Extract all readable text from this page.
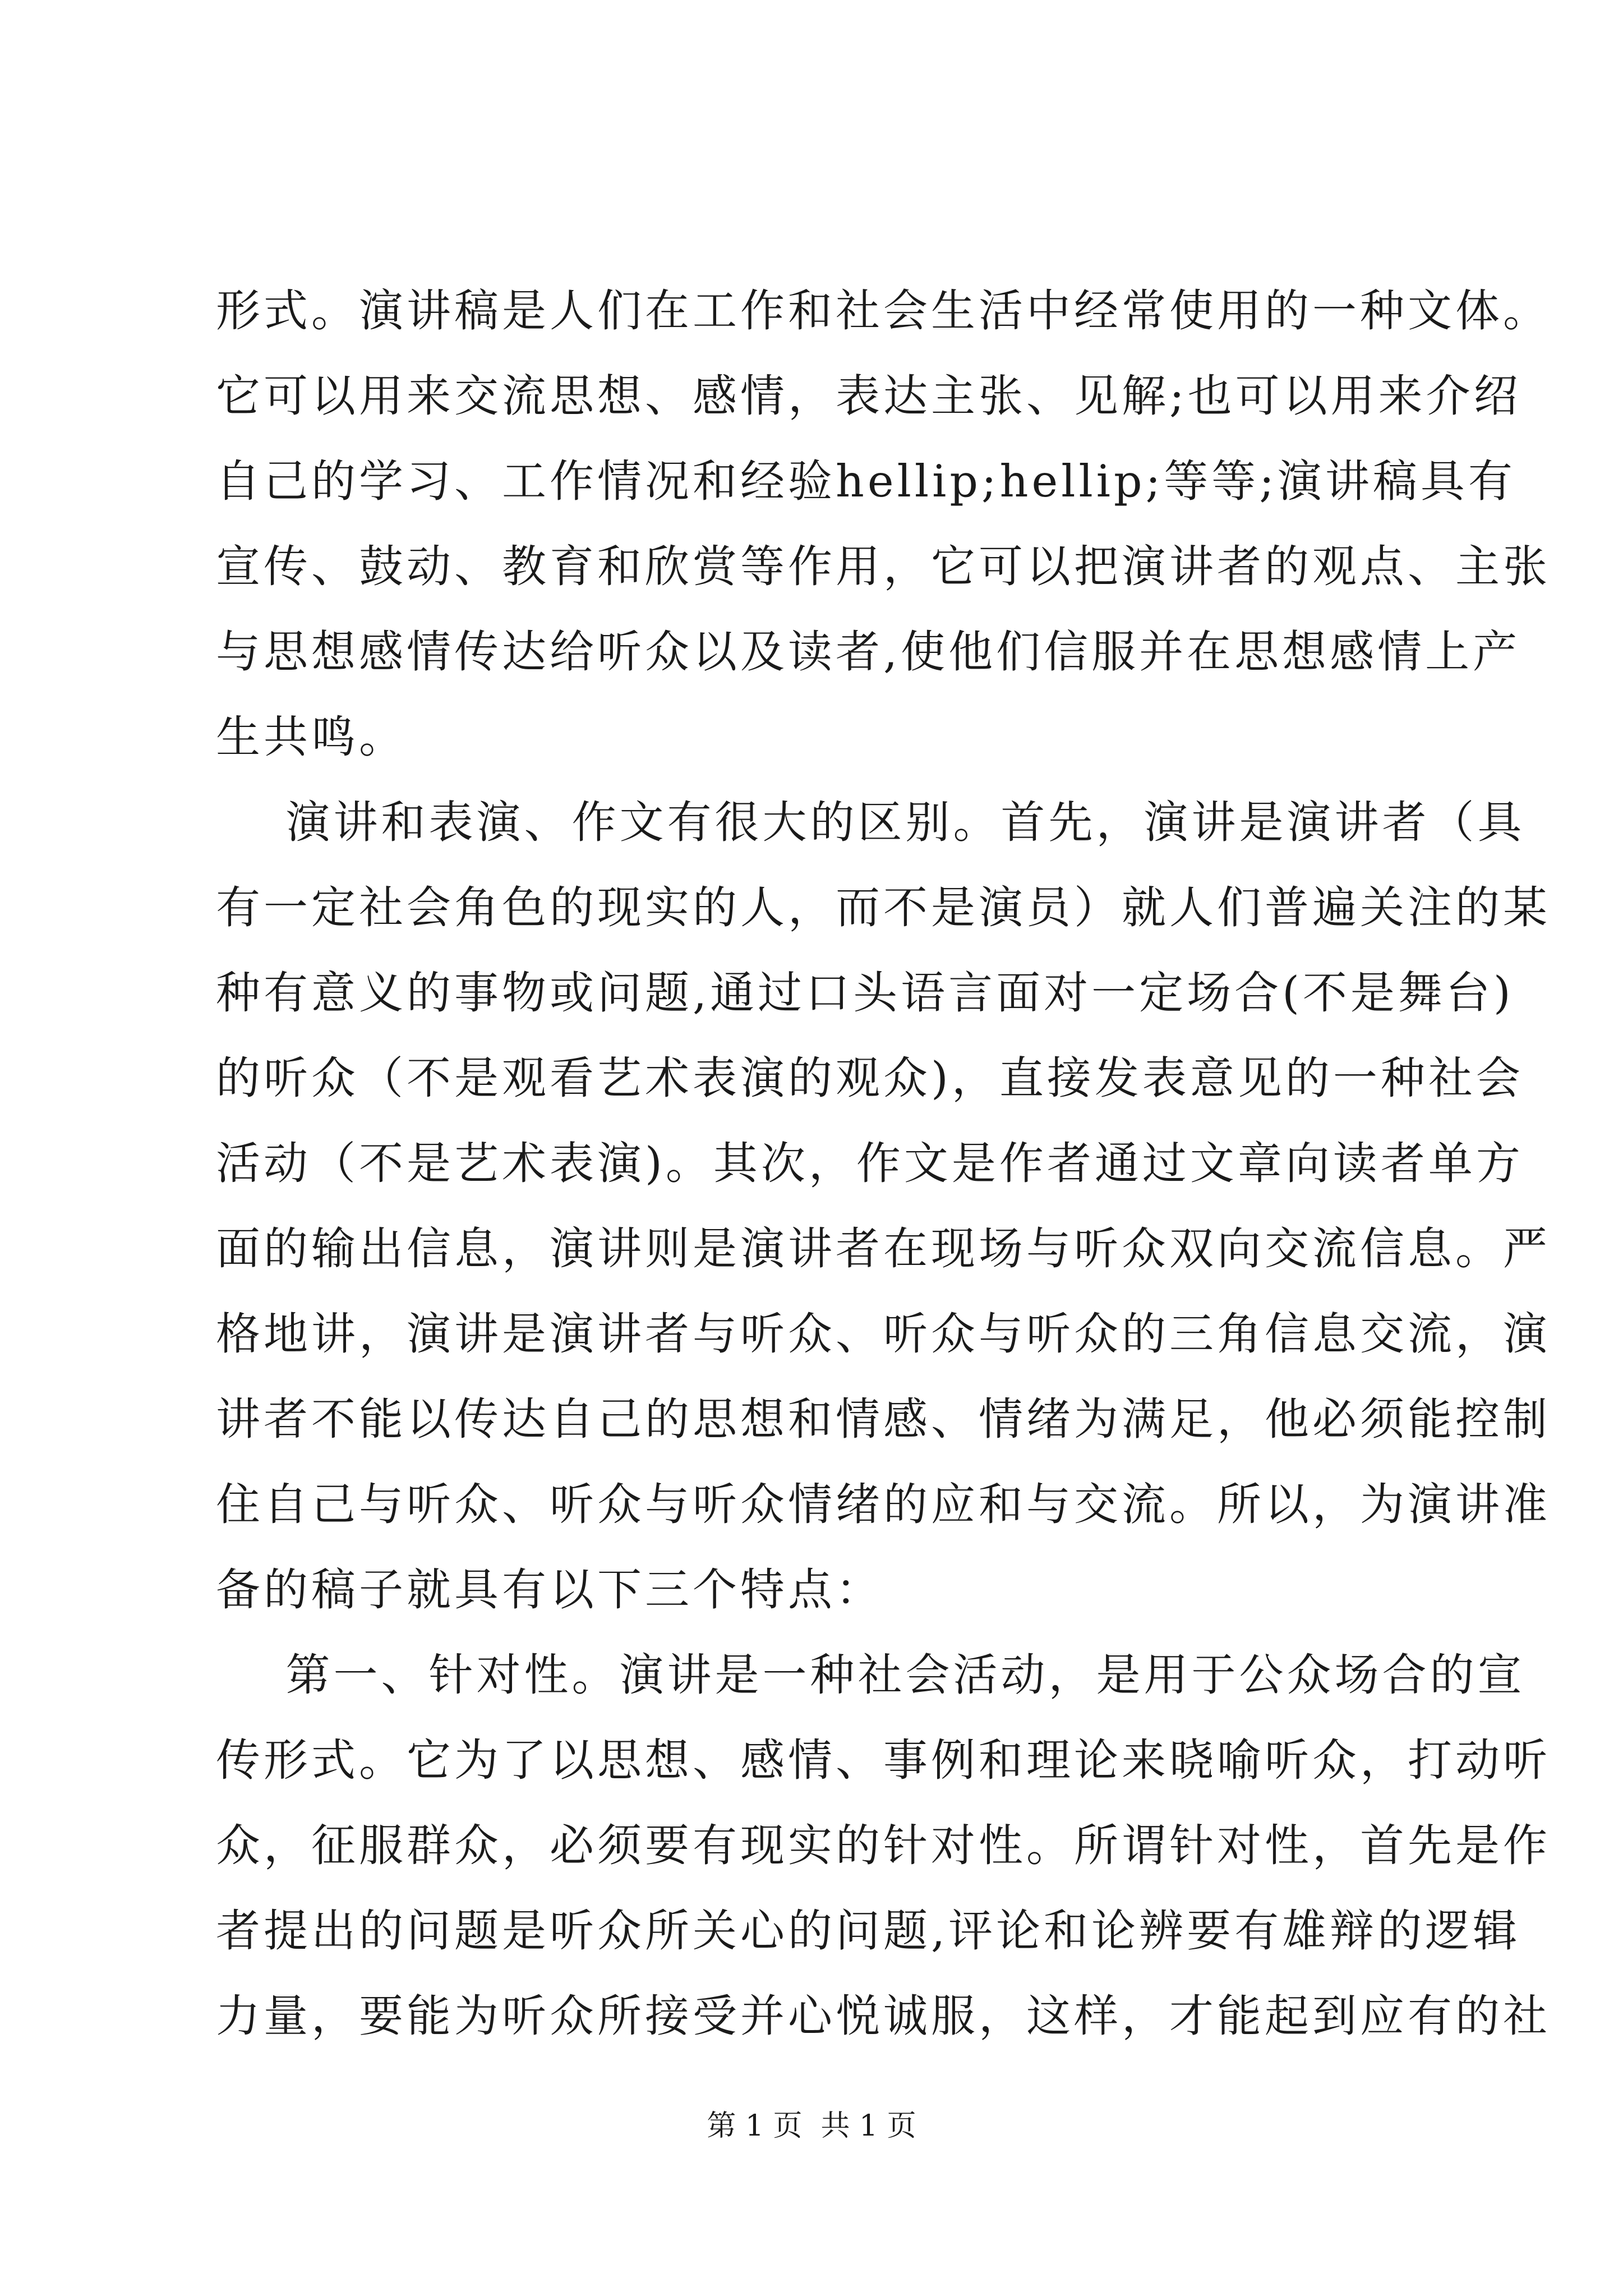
形式。演讲稿是人们在工作和社会生活中经常使用的一种文体。
它可以用来交流思想、感情，表达主张、见解;也可以用来介绍
自己的学习、工作情况和经验hellip;hellip;等等;演讲稿具有
宣传、鼓动、教育和欣赏等作用，它可以把演讲者的观点、主张
与思想感情传达给听众以及读者,使他们信服并在思想感情上产
生共鸣。
演讲和表演、作文有很大的区别。首先，演讲是演讲者（具
有一定社会角色的现实的人，而不是演员）就人们普遍关注的某
种有意义的事物或问题,通过口头语言面对一定场合(不是舞台)
的听众（不是观看艺术表演的观众)，直接发表意见的一种社会
活动（不是艺术表演)。其次，作文是作者通过文章向读者单方
面的输出信息，演讲则是演讲者在现场与听众双向交流信息。严
格地讲，演讲是演讲者与听众、听众与听众的三角信息交流，演
讲者不能以传达自己的思想和情感、情绪为满足，他必须能控制
住自己与听众、听众与听众情绪的应和与交流。所以，为演讲准
备的稿子就具有以下三个特点：
第一、针对性。演讲是一种社会活动，是用于公众场合的宣
传形式。它为了以思想、感情、事例和理论来晓喻听众，打动听
众，征服群众，必须要有现实的针对性。所谓针对性，首先是作
者提出的问题是听众所关心的问题,评论和论辨要有雄辩的逻辑
力量，要能为听众所接受并心悦诚服，这样，才能起到应有的社
第 1 页  共 1 页
